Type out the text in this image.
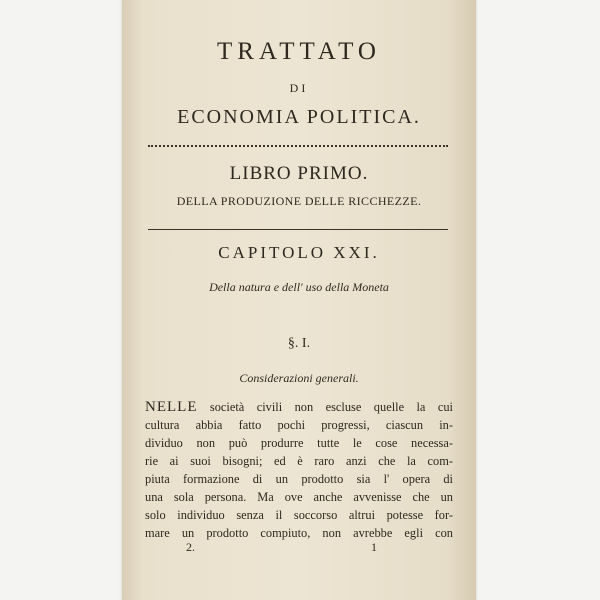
TRATTATO
DI
ECONOMIA POLITICA.
LIBRO PRIMO.
DELLA PRODUZIONE DELLE RICCHEZZE.
CAPITOLO XXI.
Della natura e dell' uso della Moneta
§. I.
Considerazioni generali.
NELLE società civili non escluse quelle la cui
cultura abbia fatto pochi progressi, ciascun in-
dividuo non può produrre tutte le cose necessa-
rie ai suoi bisogni; ed è raro anzi che la com-
piuta formazione di un prodotto sia l' opera di
una sola persona. Ma ove anche avvenisse che un
solo individuo senza il soccorso altrui potesse for-
mare un prodotto compiuto, non avrebbe egli con
2.	1
